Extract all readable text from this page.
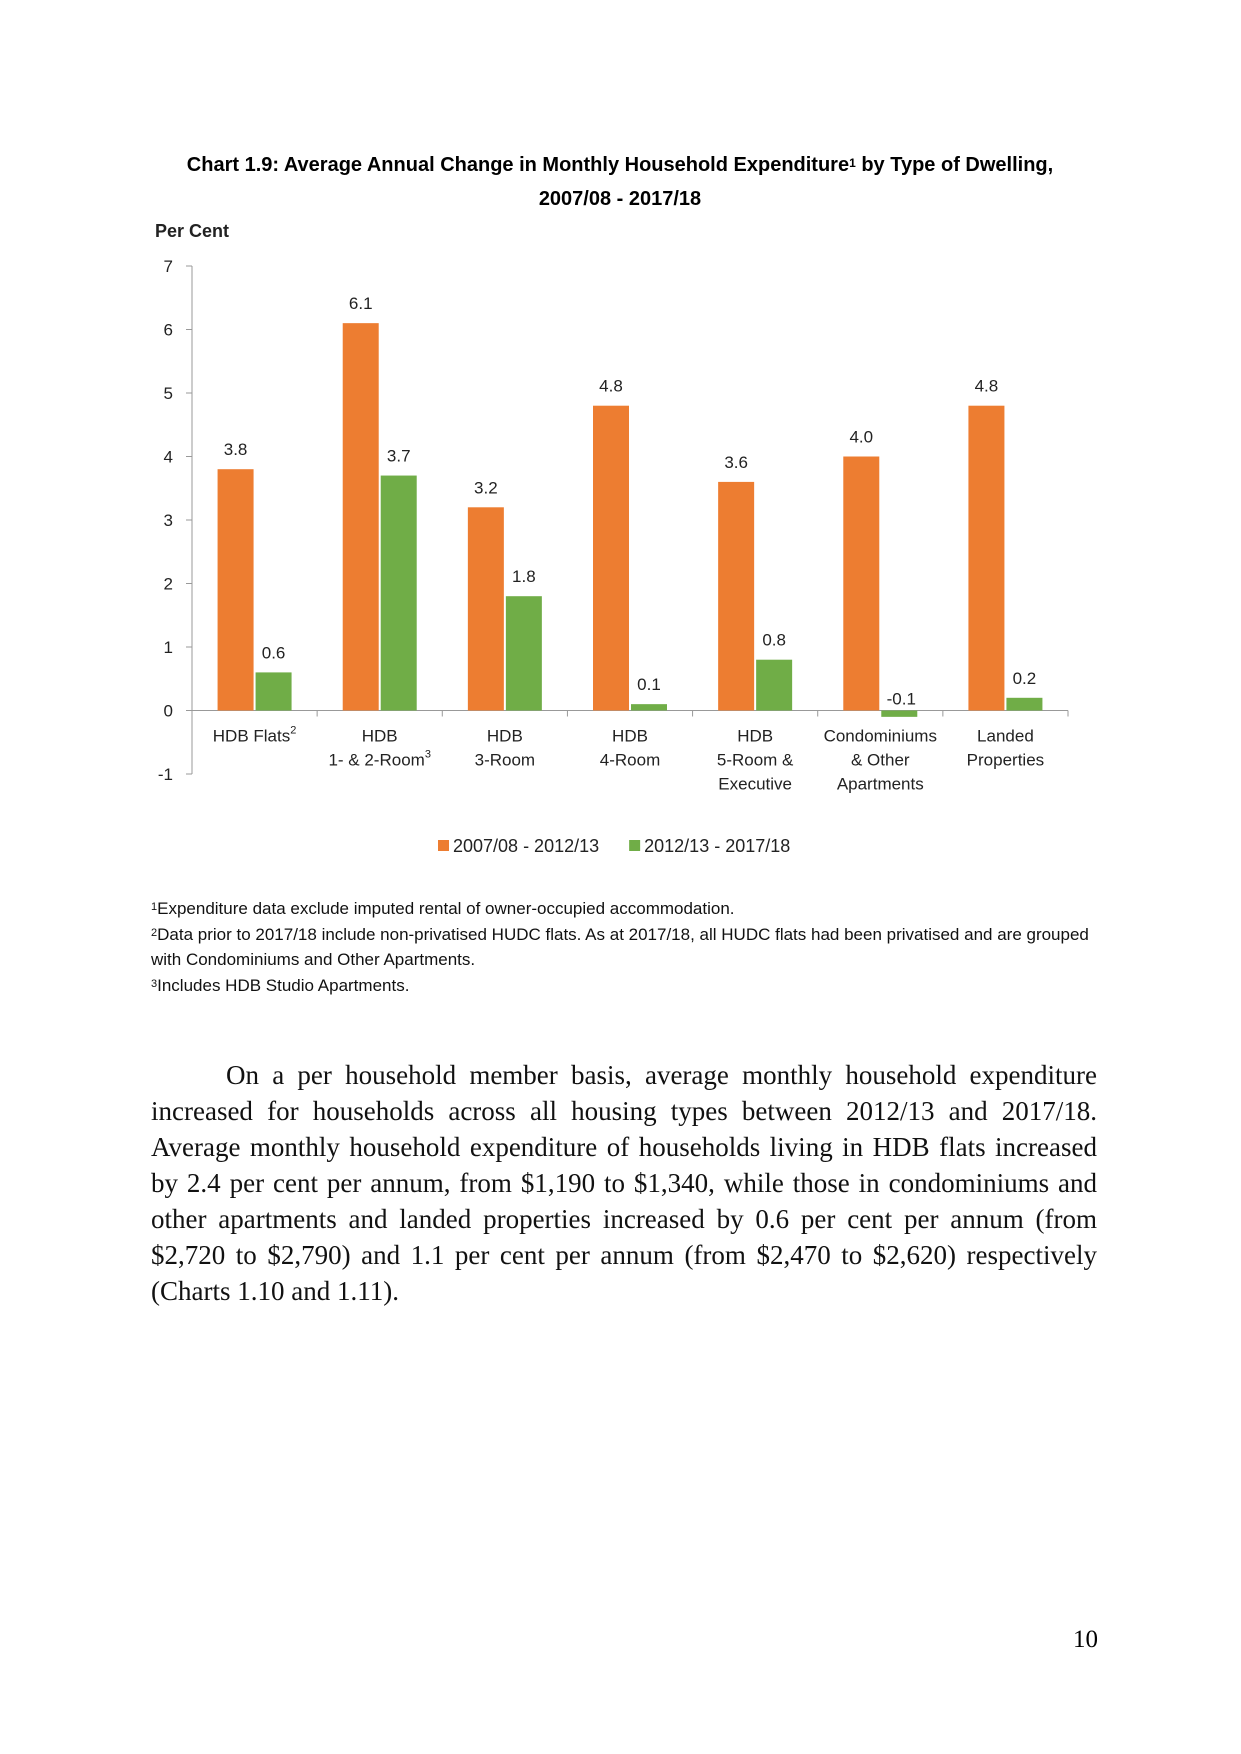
Chart 1.9: Average Annual Change in Monthly Household Expenditure$^1$ by Type of Dwelling,
2007/08 - 2017/18
Per Cent
7
6
5
4
3
2
1
0
-1
3.8
6.1
3.2
4.8
3.6
4.0
4.8
0.6
3.7
1.8
0.1
0.8
-0.1
0.2
HDB Flats$^2$	HDB
1- & 2-Room$^3$
HDB
3-Room
HDB
4-Room
HDB
5-Room &
Executive
Condominiums
& Other
Apartments
Landed
Properties
2007/08 - 2012/13	2012/13 - 2017/18
$^1$Expenditure data exclude imputed rental of owner-occupied accommodation.
$^2$Data prior to 2017/18 include non-privatised HUDC flats. As at 2017/18, all HUDC flats had been privatised and are grouped with Condominiums and Other Apartments.
$^3$Includes HDB Studio Apartments.

On a per household member basis, average monthly household expenditure increased for households across all housing types between 2012/13 and 2017/18. Average monthly household expenditure of households living in HDB flats increased by 2.4 per cent per annum, from $1,190 to $1,340, while those in condominiums and other apartments and landed properties increased by 0.6 per cent per annum (from $2,720 to $2,790) and 1.1 per cent per annum (from $2,470 to $2,620) respectively (Charts 1.10 and 1.11).

10
